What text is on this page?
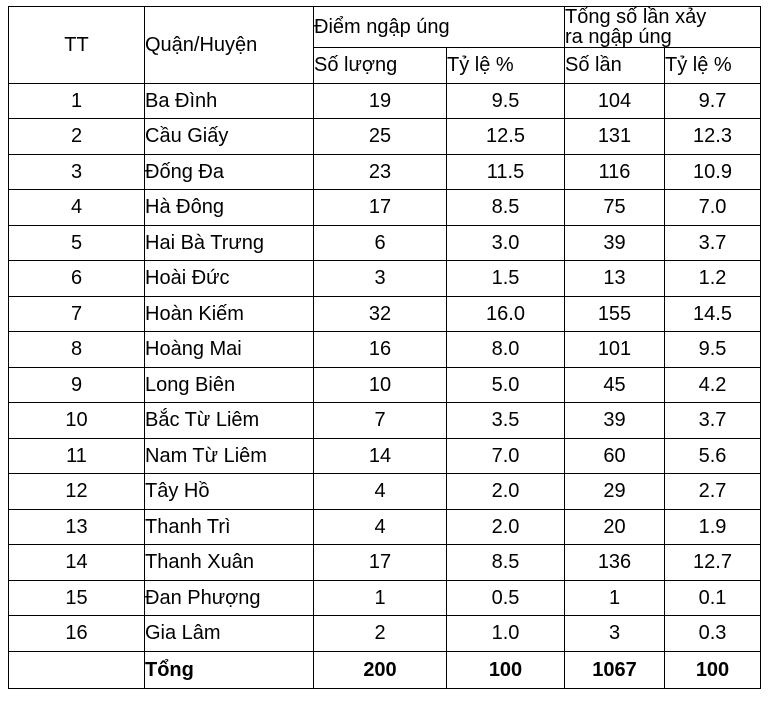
TT	Quận/Huyện	Điểm ngập úng		Tổng số lần xảy
ra ngập úng	

		Số lượng	Tỷ lệ %	Số lần	Tỷ lệ %
1	Ba Đình	19	9.5	104	9.7
2	Cầu Giấy	25	12.5	131	12.3
3	Đống Đa	23	11.5	116	10.9
4	Hà Đông	17	8.5	75	7.0
5	Hai Bà Trưng	6	3.0	39	3.7
6	Hoài Đức	3	1.5	13	1.2
7	Hoàn Kiếm	32	16.0	155	14.5
8	Hoàng Mai	16	8.0	101	9.5
9	Long Biên	10	5.0	45	4.2
10	Bắc Từ Liêm	7	3.5	39	3.7
11	Nam Từ Liêm	14	7.0	60	5.6
12	Tây Hồ	4	2.0	29	2.7
13	Thanh Trì	4	2.0	20	1.9
14	Thanh Xuân	17	8.5	136	12.7
15	Đan Phượng	1	0.5	1	0.1
16	Gia Lâm	2	1.0	3	0.3
	Tổng	200	100	1067	100
